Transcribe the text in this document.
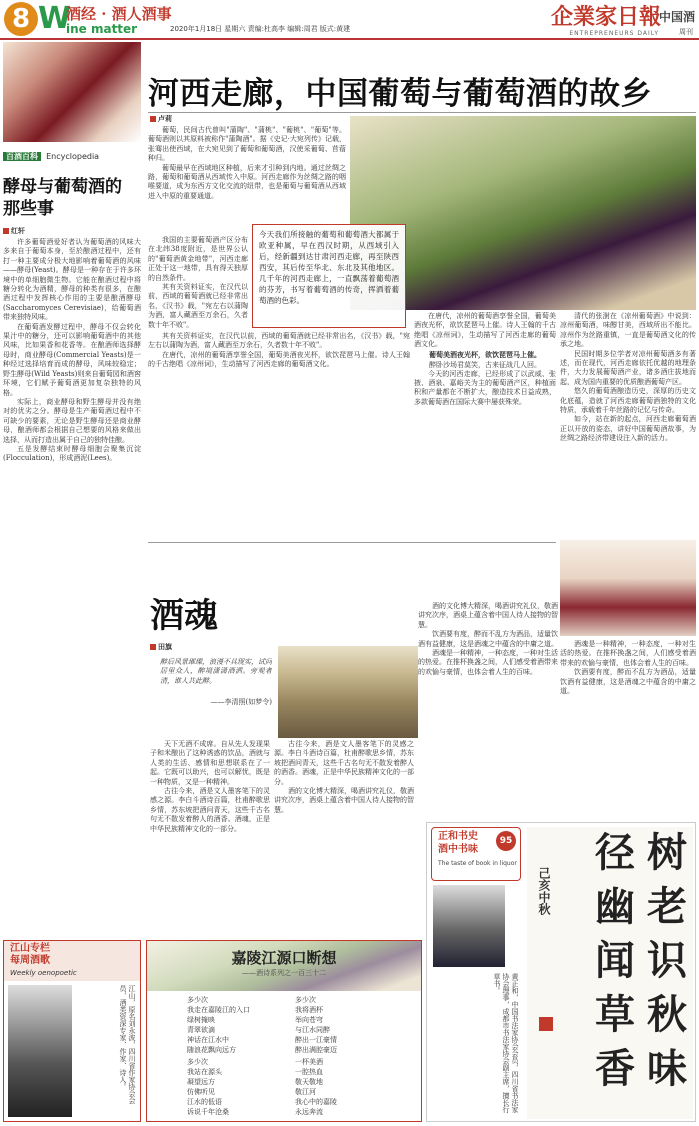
8 W
酒经 · 酒人酒事
ine matter	2020年1月18日 星期六 责编:杜高李 编辑:周君 版式:黄建	企業家日報
中国酒
ENTREPRENEURS DAILY	周刊
百酒百科 Encyclopedia
酵母与葡萄酒的
那些事
红轩

许多葡萄酒爱好者认为葡萄酒的风味大多来自于葡萄本身，至於酿酒过程中，还有打一种主要成分极大地影响着葡萄酒的风味——酵母(Yeast)。酵母是一种存在于许多环境中的单细胞微生物。它能在酿酒过程中将糖分转化为酒精，酵母的种类有很多，在酿酒过程中发挥核心作用的主要是酿酒酵母(Saccharomyces Cerevisiae)，给葡萄酒带来独特风味。

在葡萄酒发酵过程中，酵母不仅会转化果汁中的糖分，还可以影响葡萄酒中的其他风味，比如果香和花香等。在酿酒师选择酵母时，商业酵母(Commercial Yeasts)是一种经过选择培育而成的酵母，风味较稳定；野生酵母(Wild Yeasts)则来自葡萄园和酒窖环境，它们赋予葡萄酒更加复杂独特的风格。

实际上，商业酵母和野生酵母并没有绝对的优劣之分。酵母是生产葡萄酒过程中不可缺少的要素，无论是野生酵母还是商业酵母，酿酒师都会根据自己想要的风格来做出选择，从而打造出属于自己的独特佳酿。

五是发酵结束时酵母细胞会聚集沉淀(Flocculation)，形成酒泥(Lees)。

河西走廊，中国葡萄与葡萄酒的故乡
卢莉

葡萄，民间古代曾叫"蒲陶"、"蒲桃"、"葡桃"、"葡萄"等。葡萄酒则以其原料被称作"蒲陶酒"。据《史记·大宛列传》记载，张骞出使西域，在大宛见到了葡萄和葡萄酒，汉使采葡萄、苜蓿种归。

葡萄最早在西域地区种植，后来才引种到内地。通过丝绸之路，葡萄和葡萄酒从西域传入中原。河西走廊作为丝绸之路的咽喉要道，成为东西方文化交流的纽带，也是葡萄与葡萄酒从西域进入中原的重要通道。

今天我们所接触的葡萄和葡萄酒大都属于欧亚种属，早在西汉时期，从西域引入后，经新疆到达甘肃河西走廊，再至陕西西安，其后传至华北、东北及其他地区。几千年的河西走廊上，一直飘荡着葡萄酒的芬芳，书写着葡萄酒的传奇，挥洒着葡萄酒的色彩。

我国的主要葡萄酒产区分布在北纬38度附近，是世界公认的"葡萄酒黄金地带"，河西走廊正处于这一地带，具有得天独厚的自然条件。

其有关资料证实，在汉代以前，西域的葡萄酒就已经非常出名，《汉书》载，"宛左右以蒲陶为酒，富人藏酒至万余石，久者数十年不败"。

其有关资料证实，在汉代以前，西域的葡萄酒就已经非常出名，《汉书》载，"宛左右以蒲陶为酒，富人藏酒至万余石，久者数十年不败"。

在唐代，凉州的葡萄酒享誉全国，葡萄美酒夜光杯，欲饮琵琶马上催。诗人王翰的千古绝唱《凉州词》，生动描写了河西走廊的葡萄酒文化。

在唐代，凉州的葡萄酒享誉全国，葡萄美酒夜光杯，欲饮琵琶马上催。诗人王翰的千古绝唱《凉州词》，生动描写了河西走廊的葡萄酒文化。

葡萄美酒夜光杯，欲饮琵琶马上催。

醉卧沙场君莫笑，古来征战几人回。

今天的河西走廊，已经形成了以武威、张掖、酒泉、嘉峪关为主的葡萄酒产区，种植面积和产量都在不断扩大，酿造技术日益成熟，多款葡萄酒在国际大赛中屡获殊荣。

清代的张澍在《凉州葡萄酒》中说到：凉州葡萄酒，味醇甘美，西域所出不能比。凉州作为丝路重镇，一直是葡萄酒文化的传承之地。

民国时期多位学者对凉州葡萄酒多有著述，而在现代，河西走廊依托优越的地理条件，大力发展葡萄酒产业，诸多酒庄拔地而起，成为国内重要的优质酿酒葡萄产区。

悠久的葡萄酒酿造历史，深厚的历史文化底蕴，造就了河西走廊葡萄酒独特的文化特质，承载着千年丝路的记忆与传奇。

如今，站在新的起点，河西走廊葡萄酒正以开放的姿态，讲好中国葡萄酒故事，为丝绸之路经济带建设注入新的活力。

酒魂
田旗
醉后风景璀璨，浪漫不具现实，试问居里众人，醉境潇潇酒洒。旁观者清，谁人共此醉。
——李清照(如梦令)

天下无酒不成席。自从先人发现果子和米酿出了这种诱惑的饮品，酒就与人类的生活、感情和思想联系在了一起。它既可以助兴，也可以解忧，既是一种物质，又是一种精神。

古往今来，酒是文人墨客笔下的灵感之源。李白斗酒诗百篇，杜甫醉歌思乡情，苏东坡把酒问青天，这些千古名句无不散发着醉人的酒香。酒魂，正是中华民族精神文化的一部分。

古往今来，酒是文人墨客笔下的灵感之源。李白斗酒诗百篇，杜甫醉歌思乡情，苏东坡把酒问青天，这些千古名句无不散发着醉人的酒香。酒魂，正是中华民族精神文化的一部分。

酒的文化博大精深，喝酒讲究礼仪，敬酒讲究次序，酒桌上蕴含着中国人待人接物的智慧。

酒的文化博大精深，喝酒讲究礼仪，敬酒讲究次序，酒桌上蕴含着中国人待人接物的智慧。

饮酒要有度，醉而不乱方为酒品，适量饮酒有益健康，这是酒魂之中蕴含的中庸之道。

酒魂是一种精神，一种态度，一种对生活的热爱。在推杯换盏之间，人们感受着酒带来的欢愉与豪情，也体会着人生的百味。

酒魂是一种精神，一种态度，一种对生活的热爱。在推杯换盏之间，人们感受着酒带来的欢愉与豪情，也体会着人生的百味。

饮酒要有度，醉而不乱方为酒品，适量饮酒有益健康，这是酒魂之中蕴含的中庸之道。

江山专栏
每周酒歌
Weekly oenopoetic
江山，原名刘永波，四川省作家协会会员，酒类资深专家、作家、诗人。
嘉陵江源口断想
——酒诗系列之一百三十二
多少次
我走在嘉陵江的入口
绿树掩映
青翠欲滴
神话在江水中
随浪花飘向远方
多少次
我站在源头
凝望远方
仿佛听见
江水的低语
诉说千年沧桑
多少次
我将酒杯
举向苍穹
与江水同醉
醉出一江豪情
醉出满腔豪迈
一杯美酒
一腔热血
敬天敬地
敬江河
我心中的嘉陵
永远奔流
正和书史
酒中书味
The taste of book in liquor
95
黄正和，中国书法家协会会员，四川省书法家协会理事，成都市书法家协会副主席，擅长行草书。
树
老
识
秋
味
径
幽
闻
草
香
己亥中秋
